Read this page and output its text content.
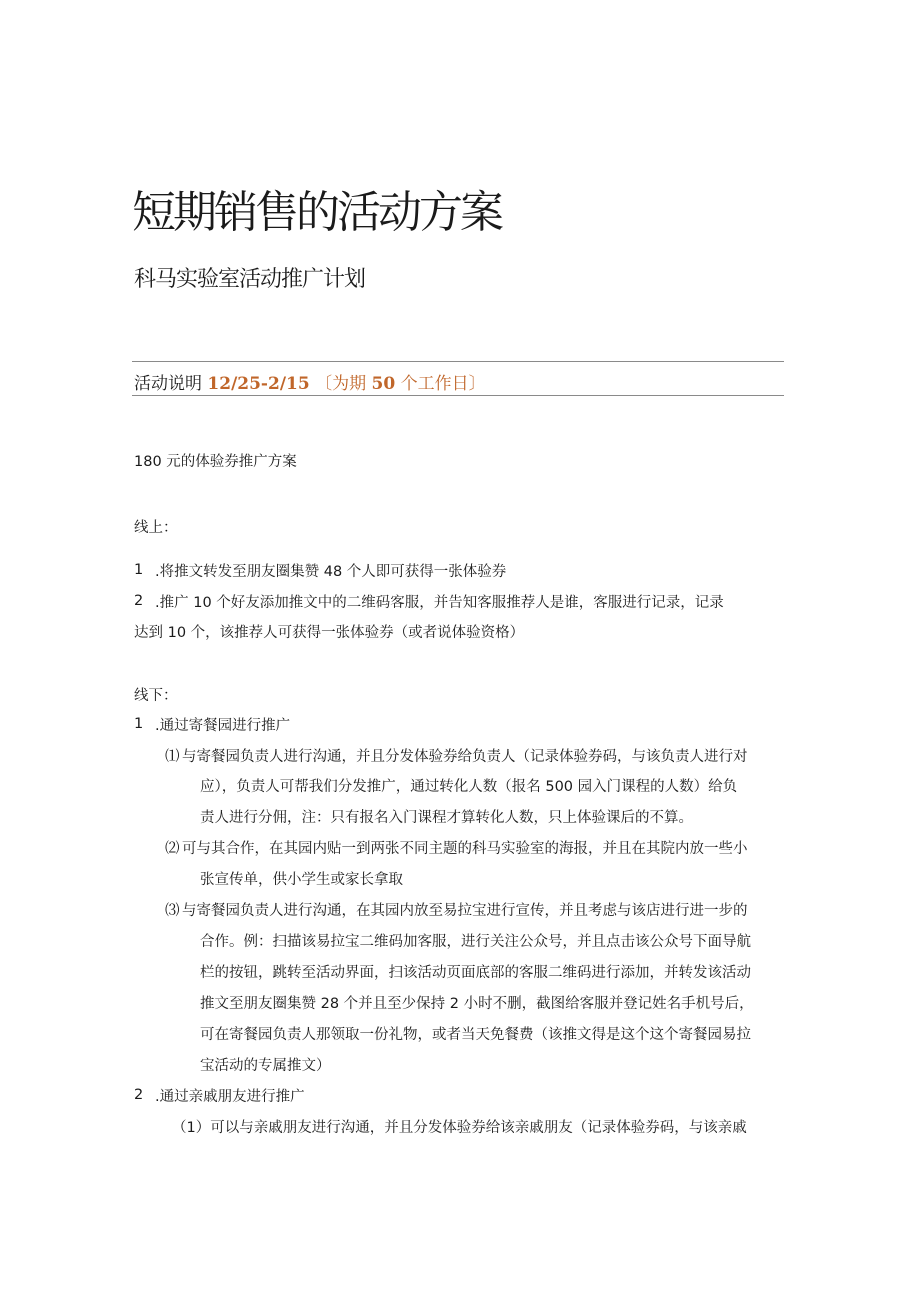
短期销售的活动方案
科马实验室活动推广计划
活动说明 12/25-2/15 〔为期 50 个工作日〕
180 元的体验券推广方案
线上：
1 .将推文转发至朋友圈集赞 48 个人即可获得一张体验券
2 .推广 10 个好友添加推文中的二维码客服，并告知客服推荐人是谁，客服进行记录，记录
达到 10 个，该推荐人可获得一张体验券（或者说体验资格）
线下：
1 .通过寄餐园进行推广
⑴ 与寄餐园负责人进行沟通，并且分发体验券给负责人（记录体验券码，与该负责人进行对
应），负责人可帮我们分发推广，通过转化人数（报名 500 园入门课程的人数）给负
责人进行分佣，注：只有报名入门课程才算转化人数，只上体验课后的不算。
⑵ 可与其合作，在其园内贴一到两张不同主题的科马实验室的海报，并且在其院内放一些小
张宣传单，供小学生或家长拿取
⑶ 与寄餐园负责人进行沟通，在其园内放至易拉宝进行宣传，并且考虑与该店进行进一步的
合作。例：扫描该易拉宝二维码加客服，进行关注公众号，并且点击该公众号下面导航
栏的按钮，跳转至活动界面，扫该活动页面底部的客服二维码进行添加，并转发该活动
推文至朋友圈集赞 28 个并且至少保持 2 小时不删，截图给客服并登记姓名手机号后，
可在寄餐园负责人那领取一份礼物，或者当天免餐费（该推文得是这个这个寄餐园易拉
宝活动的专属推文）
2 .通过亲戚朋友进行推广
（1）可以与亲戚朋友进行沟通，并且分发体验券给该亲戚朋友（记录体验券码，与该亲戚
